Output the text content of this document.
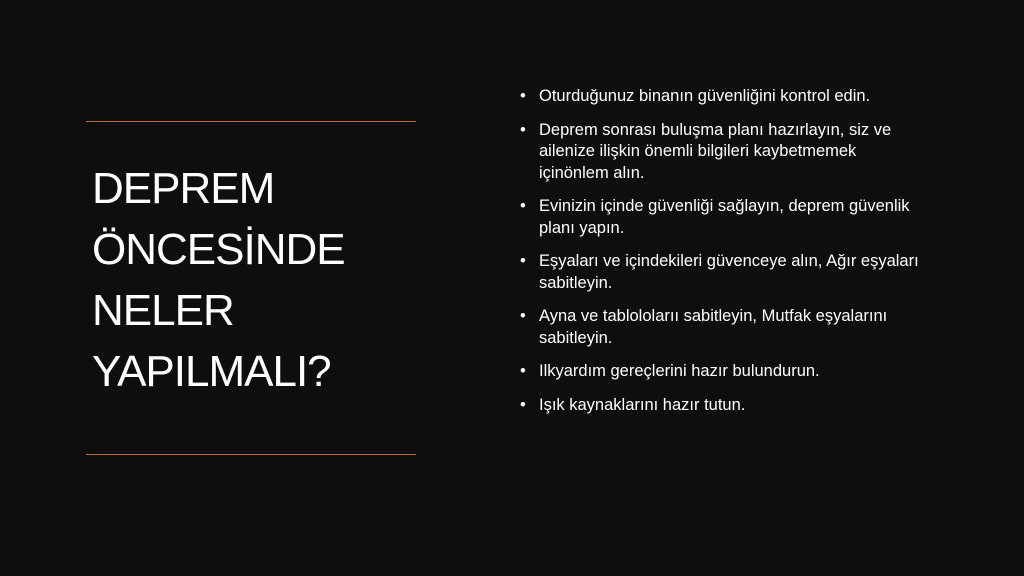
DEPREM
ÖNCESİNDE
NELER
YAPILMALI?
• Oturduğunuz binanın güvenliğini kontrol edin.
• Deprem sonrası buluşma planı hazırlayın, siz ve ailenize ilişkin önemli bilgileri kaybetmemek içinönlem alın.
• Evinizin içinde güvenliği sağlayın, deprem güvenlik planı yapın.
• Eşyaları ve içindekileri güvenceye alın, Ağır eşyaları sabitleyin.
• Ayna ve tablololarıı sabitleyin, Mutfak eşyalarını sabitleyin.
• Ilkyardım gereçlerini hazır bulundurun.
• Işık kaynaklarını hazır tutun.
